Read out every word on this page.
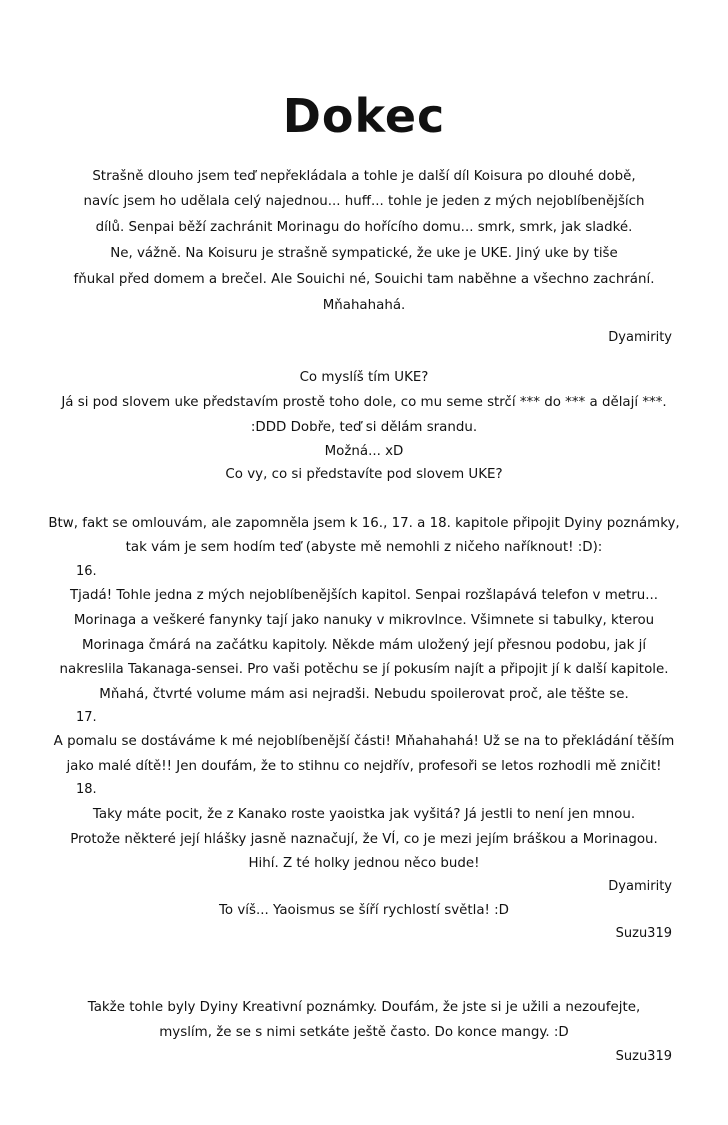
Dokec

Strašně dlouho jsem teď nepřekládala a tohle je další díl Koisura po dlouhé době,

navíc jsem ho udělala celý najednou... huff... tohle je jeden z mých nejoblíbenějších

dílů. Senpai běží zachránit Morinagu do hořícího domu... smrk, smrk, jak sladké.

Ne, vážně. Na Koisuru je strašně sympatické, že uke je UKE. Jiný uke by tiše

fňukal před domem a brečel. Ale Souichi né, Souichi tam naběhne a všechno zachrání.

Mňahahahá.

Dyamirity

Co myslíš tím UKE?

Já si pod slovem uke představím prostě toho dole, co mu seme strčí *** do *** a dělají ***.

:DDD Dobře, teď si dělám srandu.

Možná... xD

Co vy, co si představíte pod slovem UKE?

Btw, fakt se omlouvám, ale zapomněla jsem k 16., 17. a 18. kapitole připojit Dyiny poznámky,

tak vám je sem hodím teď (abyste mě nemohli z ničeho naříknout! :D):

16.

Tjadá! Tohle jedna z mých nejoblíbenějších kapitol. Senpai rozšlapává telefon v metru...

Morinaga a veškeré fanynky tají jako nanuky v mikrovlnce. Všimnete si tabulky, kterou

Morinaga čmárá na začátku kapitoly. Někde mám uložený její přesnou podobu, jak jí

nakreslila Takanaga-sensei. Pro vaši potěchu se jí pokusím najít a připojit jí k další kapitole.

Mňahá, čtvrté volume mám asi nejradši. Nebudu spoilerovat proč, ale těšte se.

17.

A pomalu se dostáváme k mé nejoblíbenější části! Mňahahahá! Už se na to překládání těším

jako malé dítě!! Jen doufám, že to stihnu co nejdřív, profesoři se letos rozhodli mě zničit!

18.

Taky máte pocit, že z Kanako roste yaoistka jak vyšitá? Já jestli to není jen mnou.

Protože některé její hlášky jasně naznačují, že VÍ, co je mezi jejím bráškou a Morinagou.

Hihí. Z té holky jednou něco bude!

Dyamirity

To víš... Yaoismus se šíří rychlostí světla! :D

Suzu319

Takže tohle byly Dyiny Kreativní poznámky. Doufám, že jste si je užili a nezoufejte,

myslím, že se s nimi setkáte ještě často. Do konce mangy. :D

Suzu319
